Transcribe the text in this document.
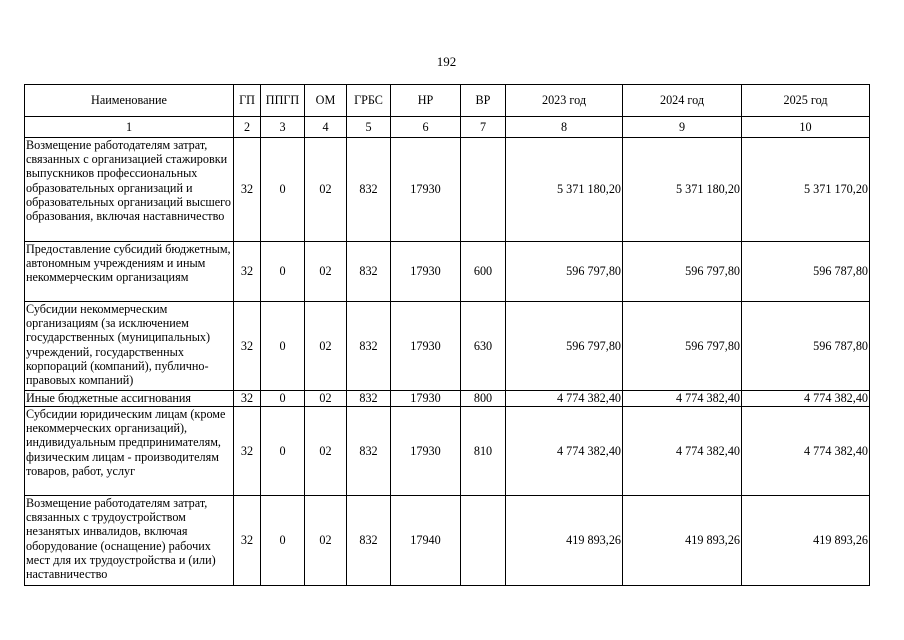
192
Наименование	ГП	ППГП	ОМ	ГРБС	НР	ВР	2023 год	2024 год	2025 год
1	2	3	4	5	6	7	8	9	10
Возмещение работодателям затрат, связанных с организацией стажировки выпускников профессиональных образовательных организаций и образовательных организаций высшего образования, включая наставничество	32	0	02	832	17930		5 371 180,20	5 371 180,20	5 371 170,20
Предоставление субсидий бюджетным, автономным учреждениям и иным некоммерческим организациям	32	0	02	832	17930	600	596 797,80	596 797,80	596 787,80
Субсидии некоммерческим организациям (за исключением государственных (муниципальных) учреждений, государственных корпораций (компаний), публично-правовых компаний)	32	0	02	832	17930	630	596 797,80	596 797,80	596 787,80
Иные бюджетные ассигнования	32	0	02	832	17930	800	4 774 382,40	4 774 382,40	4 774 382,40
Субсидии юридическим лицам (кроме некоммерческих организаций), индивидуальным предпринимателям, физическим лицам - производителям товаров, работ, услуг	32	0	02	832	17930	810	4 774 382,40	4 774 382,40	4 774 382,40
Возмещение работодателям затрат, связанных с трудоустройством незанятых инвалидов, включая оборудование (оснащение) рабочих мест для их трудоустройства и (или) наставничество	32	0	02	832	17940		419 893,26	419 893,26	419 893,26
